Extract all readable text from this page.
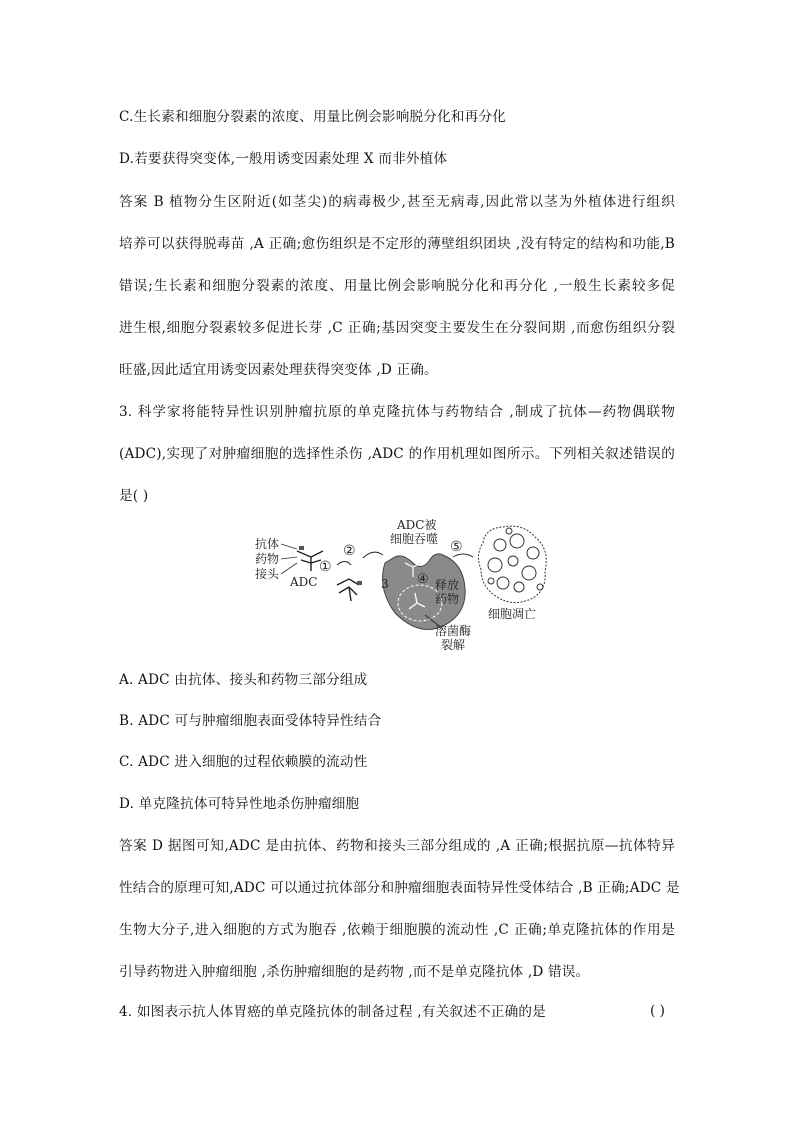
C.生长素和细胞分裂素的浓度、用量比例会影响脱分化和再分化
D.若要获得突变体,一般用诱变因素处理 X 而非外植体
答案 B 植物分生区附近(如茎尖)的病毒极少,甚至无病毒,因此常以茎为外植体进行组织
培养可以获得脱毒苗 ,A 正确;愈伤组织是不定形的薄壁组织团块 ,没有特定的结构和功能,B
错误;生长素和细胞分裂素的浓度、用量比例会影响脱分化和再分化 ,一般生长素较多促
进生根,细胞分裂素较多促进长芽 ,C 正确;基因突变主要发生在分裂间期 ,而愈伤组织分裂
旺盛,因此适宜用诱变因素处理获得突变体 ,D 正确。
3. 科学家将能特异性识别肿瘤抗原的单克隆抗体与药物结合 ,制成了抗体—药物偶联物
(ADC),实现了对肿瘤细胞的选择性杀伤 ,ADC 的作用机理如图所示。下列相关叙述错误的
是( )
抗体
药物
接头
ADC
①
②
ADC被
细胞吞噬
3 ④ 释放
药物
溶菌酶
裂解
⑤
细胞凋亡
A. ADC 由抗体、接头和药物三部分组成
B. ADC 可与肿瘤细胞表面受体特异性结合
C. ADC 进入细胞的过程依赖膜的流动性
D. 单克隆抗体可特异性地杀伤肿瘤细胞
答案 D 据图可知,ADC 是由抗体、药物和接头三部分组成的 ,A 正确;根据抗原—抗体特异
性结合的原理可知,ADC 可以通过抗体部分和肿瘤细胞表面特异性受体结合 ,B 正确;ADC 是
生物大分子,进入细胞的方式为胞吞 ,依赖于细胞膜的流动性 ,C 正确;单克隆抗体的作用是
引导药物进入肿瘤细胞 ,杀伤肿瘤细胞的是药物 ,而不是单克隆抗体 ,D 错误。
4. 如图表示抗人体胃癌的单克隆抗体的制备过程 ,有关叙述不正确的是	( )
